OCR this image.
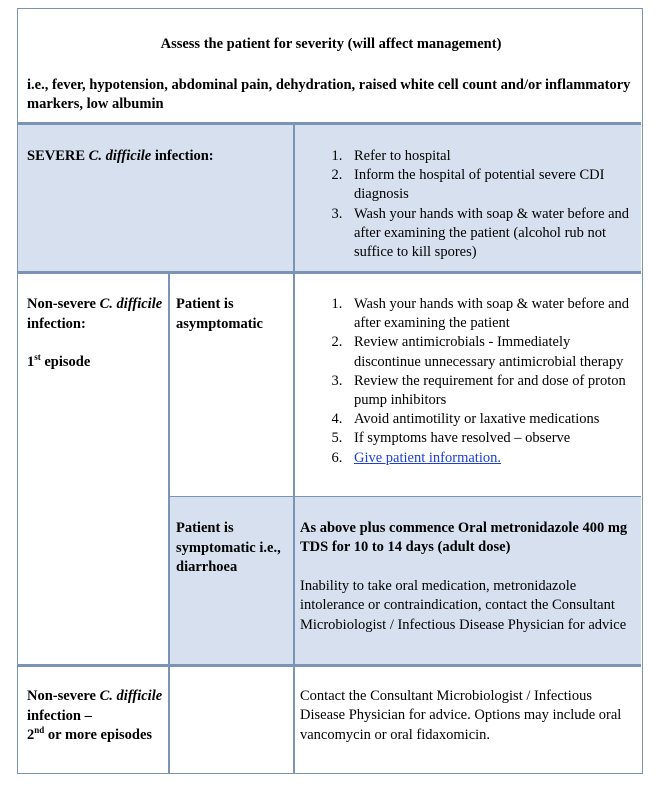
Assess the patient for severity (will affect management)
i.e., fever, hypotension, abdominal pain, dehydration, raised white cell count and/or inflammatory markers, low albumin
SEVERE C. difficile infection:
1.	Refer to hospital
2. Inform the hospital of potential severe CDI diagnosis
3. Wash your hands with soap & water before and after examining the patient (alcohol rub not suffice to kill spores)
Non-severe C. difficile infection:
1st episode
Patient is asymptomatic
1. Wash your hands with soap & water before and after examining the patient
2. Review antimicrobials - Immediately discontinue unnecessary antimicrobial therapy
3. Review the requirement for and dose of proton pump inhibitors
4. Avoid antimotility or laxative medications
5. If symptoms have resolved – observe
6. Give patient information.
Patient is symptomatic i.e., diarrhoea
As above plus commence Oral metronidazole 400 mg TDS for 10 to 14 days (adult dose)
Inability to take oral medication, metronidazole intolerance or contraindication, contact the Consultant Microbiologist / Infectious Disease Physician for advice
Non-severe C. difficile infection –
2nd or more episodes
Contact the Consultant Microbiologist / Infectious Disease Physician for advice. Options may include oral vancomycin or oral fidaxomicin.
